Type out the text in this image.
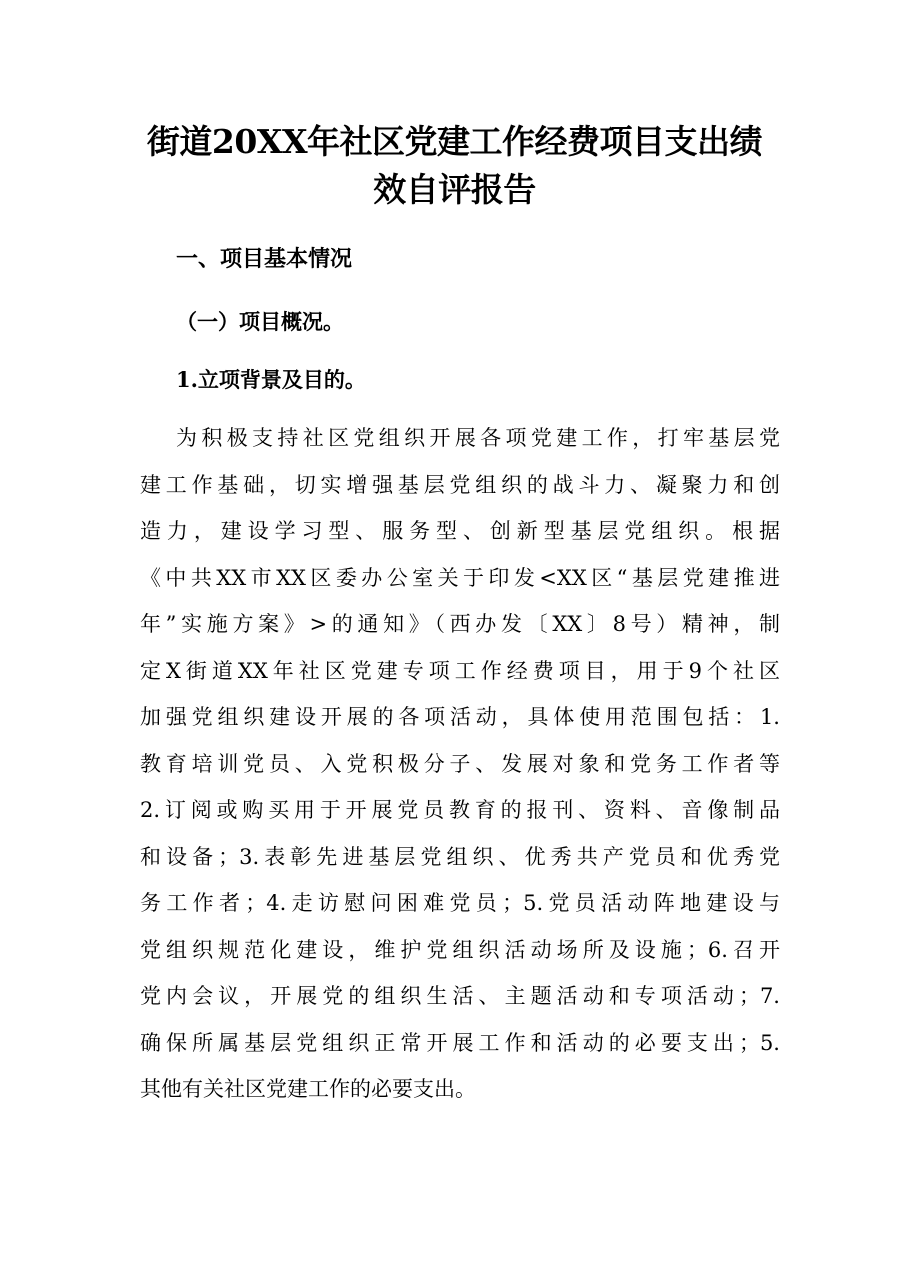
街道20XX年社区党建工作经费项目支出绩
效自评报告
一、项目基本情况
（一）项目概况。
1.立项背景及目的。
为积极支持社区党组织开展各项党建工作，打牢基层党
建工作基础，切实增强基层党组织的战斗力、凝聚力和创
造力，建设学习型、服务型、创新型基层党组织。根据
《中共XX市XX区委办公室关于印发<XX区“基层党建推进
年”实施方案》>的通知》（西办发〔XX〕8号）精神，制
定X街道XX年社区党建专项工作经费项目，用于9个社区
加强党组织建设开展的各项活动，具体使用范围包括：1.
教育培训党员、入党积极分子、发展对象和党务工作者等
2.订阅或购买用于开展党员教育的报刊、资料、音像制品
和设备；3.表彰先进基层党组织、优秀共产党员和优秀党
务工作者；4.走访慰问困难党员；5.党员活动阵地建设与
党组织规范化建设，维护党组织活动场所及设施；6.召开
党内会议，开展党的组织生活、主题活动和专项活动；7.
确保所属基层党组织正常开展工作和活动的必要支出；5.
其他有关社区党建工作的必要支出。
